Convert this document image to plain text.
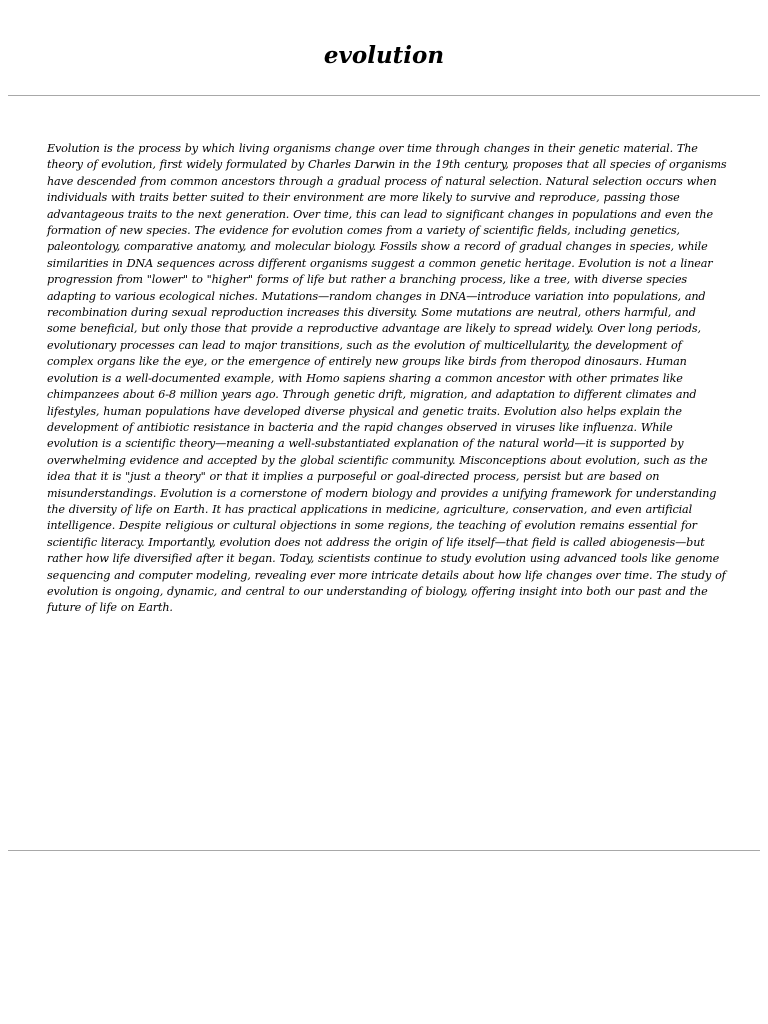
evolution

Evolution is the process by which living organisms change over time through changes in their genetic material. The theory of evolution, first widely formulated by Charles Darwin in the 19th century, proposes that all species of organisms have descended from common ancestors through a gradual process of natural selection. Natural selection occurs when individuals with traits better suited to their environment are more likely to survive and reproduce, passing those advantageous traits to the next generation. Over time, this can lead to significant changes in populations and even the formation of new species. The evidence for evolution comes from a variety of scientific fields, including genetics, paleontology, comparative anatomy, and molecular biology. Fossils show a record of gradual changes in species, while similarities in DNA sequences across different organisms suggest a common genetic heritage. Evolution is not a linear progression from "lower" to "higher" forms of life but rather a branching process, like a tree, with diverse species adapting to various ecological niches. Mutations—random changes in DNA—introduce variation into populations, and recombination during sexual reproduction increases this diversity. Some mutations are neutral, others harmful, and some beneficial, but only those that provide a reproductive advantage are likely to spread widely. Over long periods, evolutionary processes can lead to major transitions, such as the evolution of multicellularity, the development of complex organs like the eye, or the emergence of entirely new groups like birds from theropod dinosaurs. Human evolution is a well-documented example, with Homo sapiens sharing a common ancestor with other primates like chimpanzees about 6-8 million years ago. Through genetic drift, migration, and adaptation to different climates and lifestyles, human populations have developed diverse physical and genetic traits. Evolution also helps explain the development of antibiotic resistance in bacteria and the rapid changes observed in viruses like influenza. While evolution is a scientific theory—meaning a well-substantiated explanation of the natural world—it is supported by overwhelming evidence and accepted by the global scientific community. Misconceptions about evolution, such as the idea that it is "just a theory" or that it implies a purposeful or goal-directed process, persist but are based on misunderstandings. Evolution is a cornerstone of modern biology and provides a unifying framework for understanding the diversity of life on Earth. It has practical applications in medicine, agriculture, conservation, and even artificial intelligence. Despite religious or cultural objections in some regions, the teaching of evolution remains essential for scientific literacy. Importantly, evolution does not address the origin of life itself—that field is called abiogenesis—but rather how life diversified after it began. Today, scientists continue to study evolution using advanced tools like genome sequencing and computer modeling, revealing ever more intricate details about how life changes over time. The study of evolution is ongoing, dynamic, and central to our understanding of biology, offering insight into both our past and the future of life on Earth.
